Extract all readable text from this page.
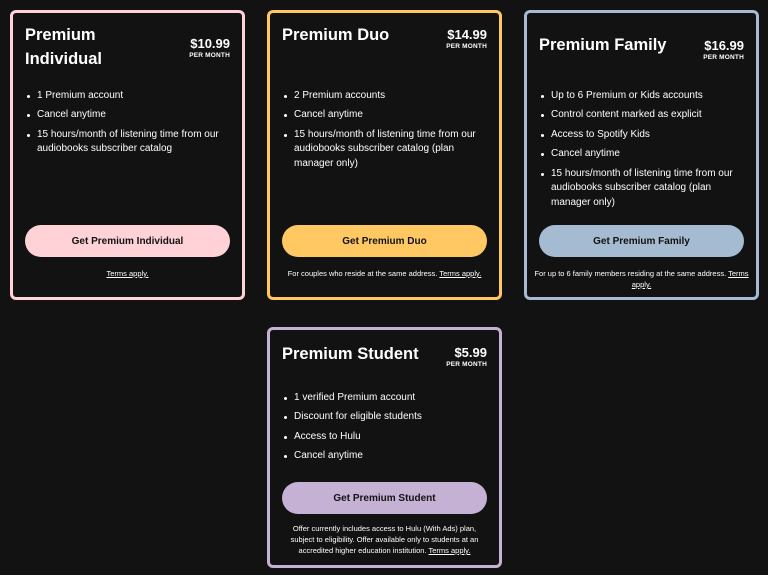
Premium
Individual
$10.99
PER MONTH
1 Premium account
Cancel anytime
15 hours/month of listening time from our audiobooks subscriber catalog
Get Premium Individual
Terms apply.
Premium Duo	$14.99
PER MONTH
2 Premium accounts
Cancel anytime
15 hours/month of listening time from our audiobooks subscriber catalog (plan manager only)
Get Premium Duo
For couples who reside at the same address. Terms apply.
Premium Family	$16.99
PER MONTH
Up to 6 Premium or Kids accounts
Control content marked as explicit
Access to Spotify Kids
Cancel anytime
15 hours/month of listening time from our audiobooks subscriber catalog (plan manager only)
Get Premium Family
For up to 6 family members residing at the same address. Terms apply.
Premium Student	$5.99
PER MONTH
1 verified Premium account
Discount for eligible students
Access to Hulu
Cancel anytime
Get Premium Student
Offer currently includes access to Hulu (With Ads) plan, subject to eligibility. Offer available only to students at an accredited higher education institution. Terms apply.
